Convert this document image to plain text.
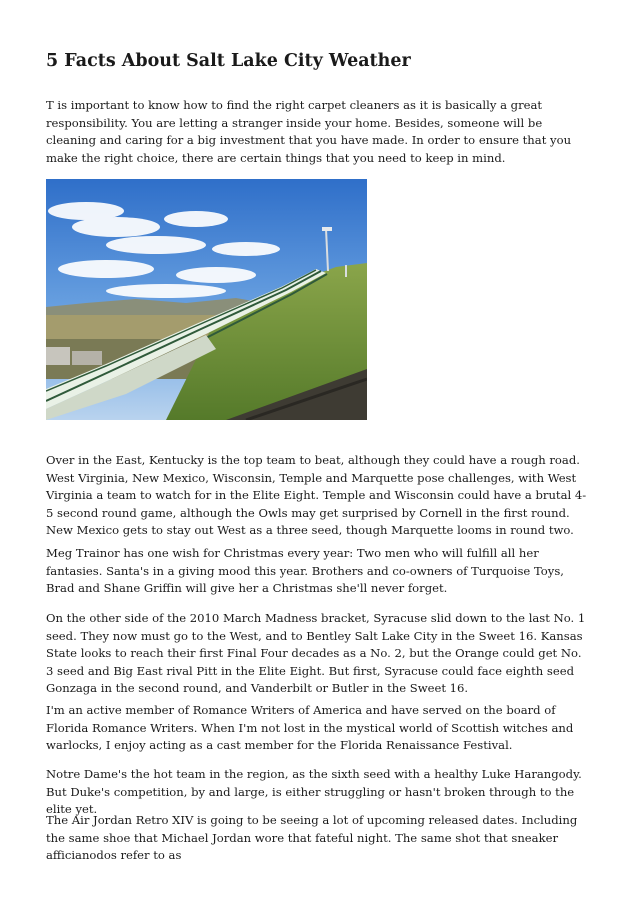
5 Facts About Salt Lake City Weather

T is important to know how to find the right carpet cleaners as it is basically a great responsibility. You are letting a stranger inside your home. Besides, someone will be cleaning and caring for a big investment that you have made. In order to ensure that you make the right choice, there are certain things that you need to keep in mind.

Over in the East, Kentucky is the top team to beat, although they could have a rough road. West Virginia, New Mexico, Wisconsin, Temple and Marquette pose challenges, with West Virginia a team to watch for in the Elite Eight. Temple and Wisconsin could have a brutal 4-5 second round game, although the Owls may get surprised by Cornell in the first round. New Mexico gets to stay out West as a three seed, though Marquette looms in round two.

Meg Trainor has one wish for Christmas every year: Two men who will fulfill all her fantasies. Santa's in a giving mood this year. Brothers and co-owners of Turquoise Toys, Brad and Shane Griffin will give her a Christmas she'll never forget.

On the other side of the 2010 March Madness bracket, Syracuse slid down to the last No. 1 seed. They now must go to the West, and to Bentley Salt Lake City in the Sweet 16. Kansas State looks to reach their first Final Four decades as a No. 2, but the Orange could get No. 3 seed and Big East rival Pitt in the Elite Eight. But first, Syracuse could face eighth seed Gonzaga in the second round, and Vanderbilt or Butler in the Sweet 16.

I'm an active member of Romance Writers of America and have served on the board of Florida Romance Writers. When I'm not lost in the mystical world of Scottish witches and warlocks, I enjoy acting as a cast member for the Florida Renaissance Festival.

Notre Dame's the hot team in the region, as the sixth seed with a healthy Luke Harangody. But Duke's competition, by and large, is either struggling or hasn't broken through to the elite yet.

The Air Jordan Retro XIV is going to be seeing a lot of upcoming released dates. Including the same shoe that Michael Jordan wore that fateful night. The same shot that sneaker afficianodos refer to as
